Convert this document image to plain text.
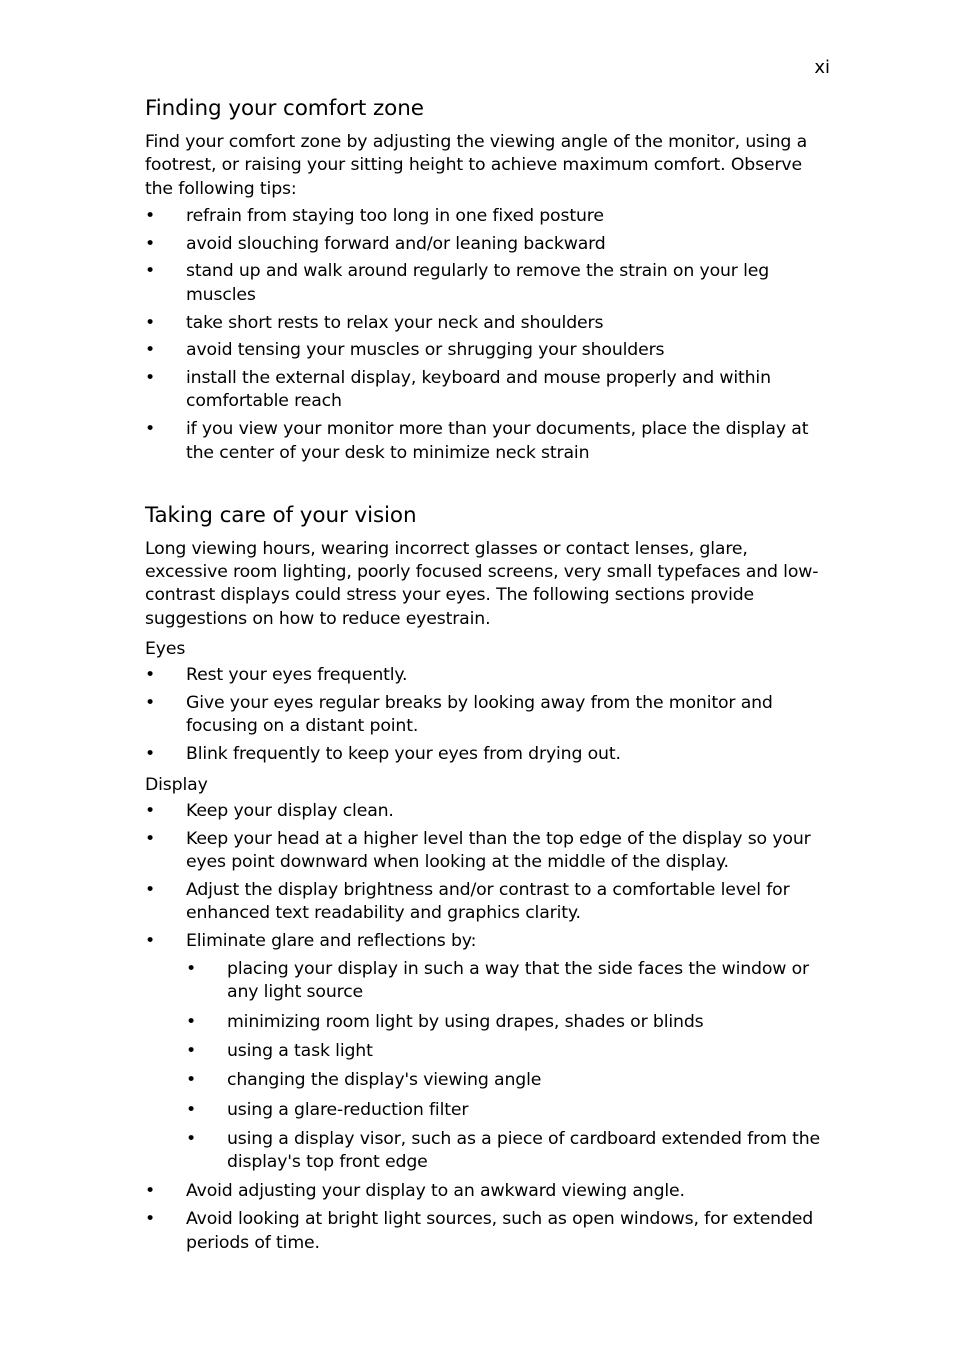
xi
Finding your comfort zone

Find your comfort zone by adjusting the viewing angle of the monitor, using a footrest, or raising your sitting height to achieve maximum comfort. Observe the following tips:

• refrain from staying too long in one fixed posture
• avoid slouching forward and/or leaning backward
• stand up and walk around regularly to remove the strain on your leg muscles
• take short rests to relax your neck and shoulders
• avoid tensing your muscles or shrugging your shoulders
• install the external display, keyboard and mouse properly and within comfortable reach
• if you view your monitor more than your documents, place the display at the center of your desk to minimize neck strain
Taking care of your vision

Long viewing hours, wearing incorrect glasses or contact lenses, glare, excessive room lighting, poorly focused screens, very small typefaces and low-contrast displays could stress your eyes. The following sections provide suggestions on how to reduce eyestrain.

Eyes

• Rest your eyes frequently.
• Give your eyes regular breaks by looking away from the monitor and focusing on a distant point.
• Blink frequently to keep your eyes from drying out.

Display

• Keep your display clean.
• Keep your head at a higher level than the top edge of the display so your eyes point downward when looking at the middle of the display.
• Adjust the display brightness and/or contrast to a comfortable level for enhanced text readability and graphics clarity.
• Eliminate glare and reflections by:
• placing your display in such a way that the side faces the window or any light source
• minimizing room light by using drapes, shades or blinds
• using a task light
• changing the display's viewing angle
• using a glare-reduction filter
• using a display visor, such as a piece of cardboard extended from the display's top front edge
• Avoid adjusting your display to an awkward viewing angle.
• Avoid looking at bright light sources, such as open windows, for extended periods of time.
